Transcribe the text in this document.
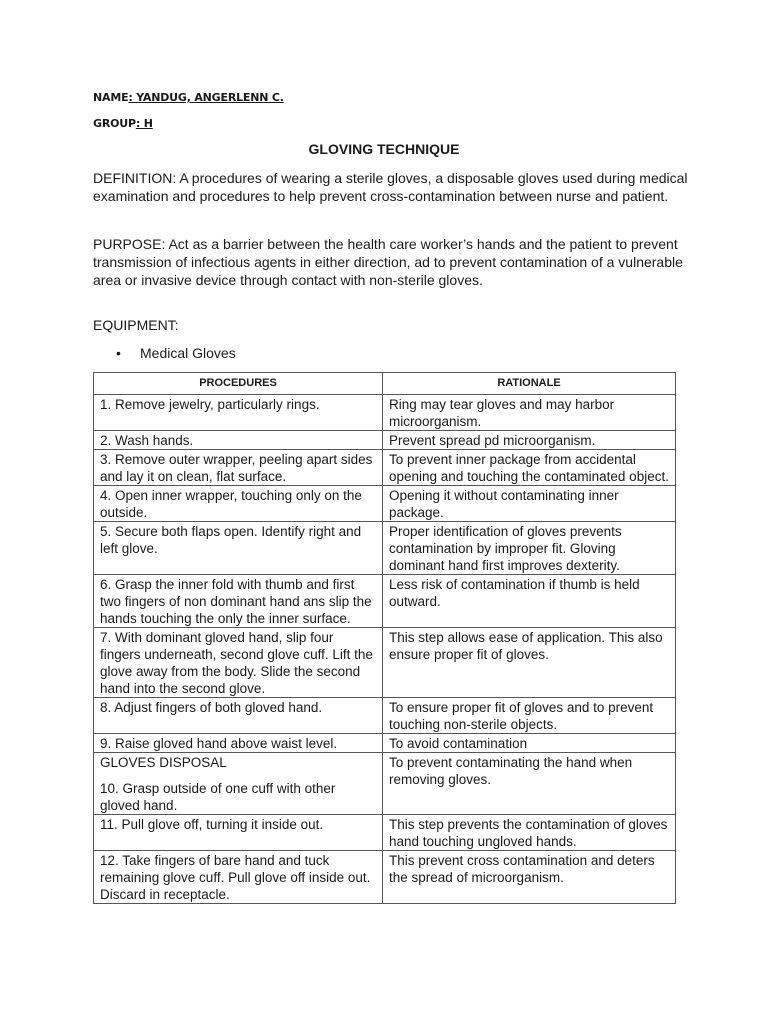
NAME: YANDUG, ANGERLENN C.
GROUP: H
GLOVING TECHNIQUE
DEFINITION: A procedures of wearing a sterile gloves, a disposable gloves used during medical examination and procedures to help prevent cross-contamination between nurse and patient.
PURPOSE: Act as a barrier between the health care worker’s hands and the patient to prevent transmission of infectious agents in either direction, ad to prevent contamination of a vulnerable area or invasive device through contact with non-sterile gloves.
EQUIPMENT:
• Medical Gloves
PROCEDURES	RATIONALE
1. Remove jewelry, particularly rings.	Ring may tear gloves and may harbor microorganism.
2. Wash hands.	Prevent spread pd microorganism.
3. Remove outer wrapper, peeling apart sides and lay it on clean, flat surface.	To prevent inner package from accidental opening and touching the contaminated object.
4. Open inner wrapper, touching only on the outside.	Opening it without contaminating inner package.
5. Secure both flaps open. Identify right and left glove.	Proper identification of gloves prevents contamination by improper fit. Gloving dominant hand first improves dexterity.
6. Grasp the inner fold with thumb and first two fingers of non dominant hand ans slip the hands touching the only the inner surface.	Less risk of contamination if thumb is held outward.
7. With dominant gloved hand, slip four fingers underneath, second glove cuff. Lift the glove away from the body. Slide the second hand into the second glove.	This step allows ease of application. This also ensure proper fit of gloves.
8. Adjust fingers of both gloved hand.	To ensure proper fit of gloves and to prevent touching non-sterile objects.
9. Raise gloved hand above waist level.	To avoid contamination
GLOVES DISPOSAL
10. Grasp outside of one cuff with other gloved hand.	To prevent contaminating the hand when removing gloves.
11. Pull glove off, turning it inside out.	This step prevents the contamination of gloves hand touching ungloved hands.
12. Take fingers of bare hand and tuck remaining glove cuff. Pull glove off inside out. Discard in receptacle.	This prevent cross contamination and deters the spread of microorganism.
